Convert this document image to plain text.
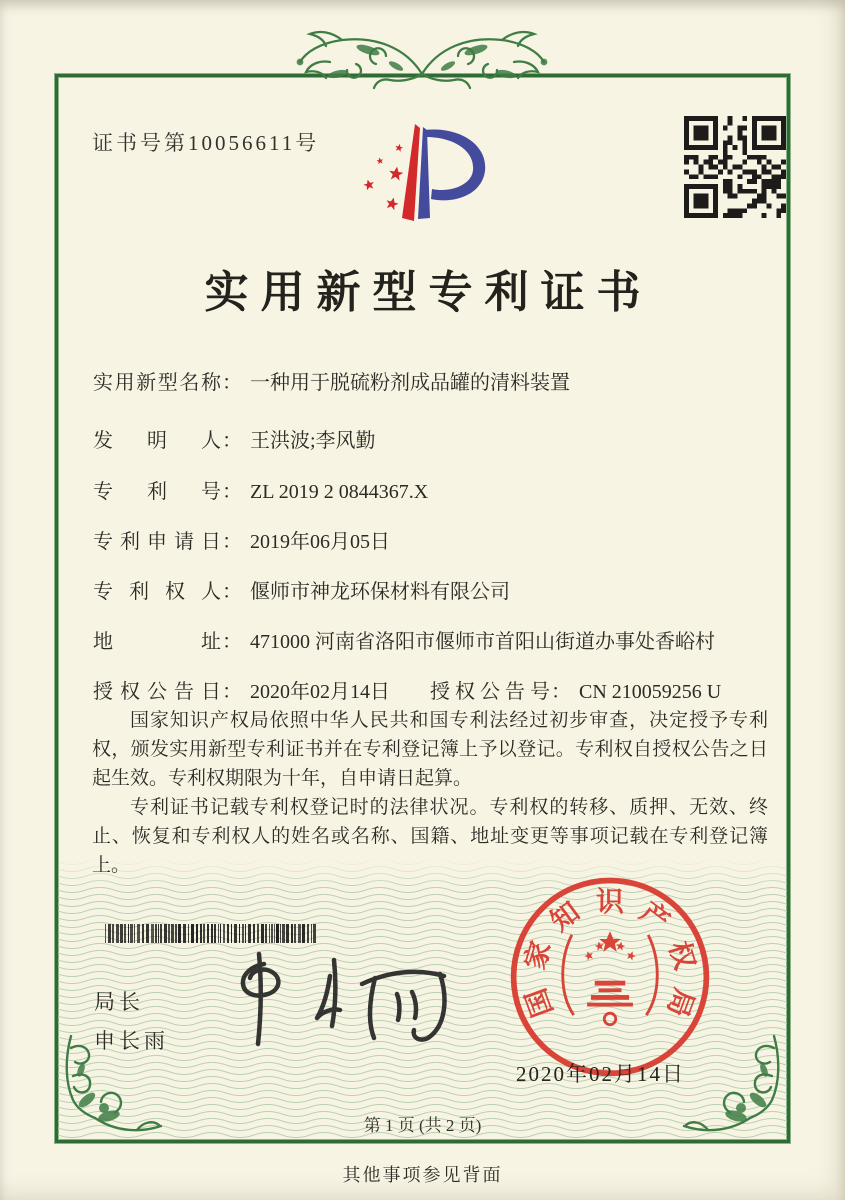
证书号第10056611号
实用新型专利证书
实用新型名称： 一种用于脱硫粉剂成品罐的清料装置
发明人： 王洪波;李风勤
专利号： ZL 2019 2 0844367.X
专利申请日： 2019年06月05日
专利权人： 偃师市神龙环保材料有限公司
地址： 471000 河南省洛阳市偃师市首阳山街道办事处香峪村
授权公告日： 2020年02月14日 授权公告号： CN 210059256 U

国家知识产权局依照中华人民共和国专利法经过初步审查，决定授予专利权，颁发实用新型专利证书并在专利登记簿上予以登记。专利权自授权公告之日起生效。专利权期限为十年，自申请日起算。

专利证书记载专利权登记时的法律状况。专利权的转移、质押、无效、终止、恢复和专利权人的姓名或名称、国籍、地址变更等事项记载在专利登记簿上。

局长
申长雨
国
家
知 识 产
权
局
2020年02月14日
第 1 页 (共 2 页)
其他事项参见背面
